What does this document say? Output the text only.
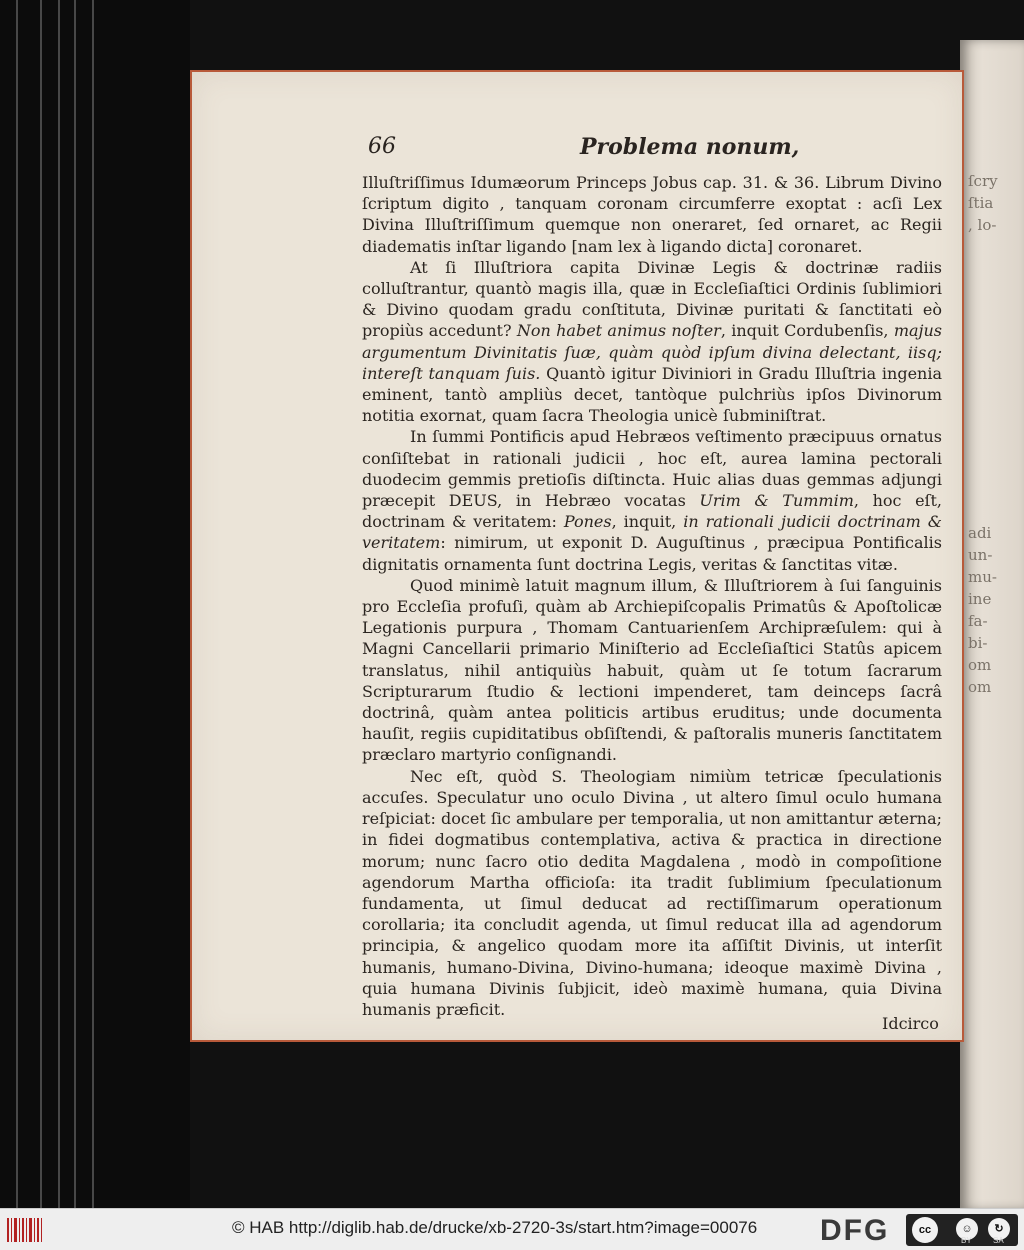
ſcry
ſtia
, lo-

adi
un-
mu-
ine
fa-
bi-
om
om

66	Problema nonum,

Illuſtriſſimus Idumæorum Princeps Jobus cap. 31. & 36. Librum Divino ſcriptum digito , tanquam coronam circumferre exoptat : acſi Lex Divina Illuſtriſſimum quemque non oneraret, ſed ornaret, ac Regii diadematis inſtar ligando [nam lex à ligando dicta] coronaret.

At ſi Illuſtriora capita Divinæ Legis & doctrinæ radiis colluſtrantur, quantò magis illa, quæ in Eccleſiaſtici Ordinis ſublimiori & Divino quodam gradu conſtituta, Divinæ puritati & ſanctitati eò propiùs accedunt? Non habet animus noſter, inquit Cordubenſis, majus argumentum Divinitatis ſuæ, quàm quòd ipſum divina delectant, iisq; intereſt tanquam ſuis. Quantò igitur Diviniori in Gradu Illuſtria ingenia eminent, tantò ampliùs decet, tantòque pulchriùs ipſos Divinorum notitia exornat, quam ſacra Theologia unicè ſubminiſtrat.

In ſummi Pontificis apud Hebræos veſtimento præcipuus ornatus conſiſtebat in rationali judicii , hoc eſt, aurea lamina pectorali duodecim gemmis pretioſis diſtincta. Huic alias duas gemmas adjungi præcepit DEUS, in Hebræo vocatas Urim & Tummim, hoc eſt, doctrinam & veritatem: Pones, inquit, in rationali judicii doctrinam & veritatem: nimirum, ut exponit D. Auguſtinus , præcipua Pontificalis dignitatis ornamenta ſunt doctrina Legis, veritas & ſanctitas vitæ.

Quod minimè latuit magnum illum, & Illuſtriorem à ſui ſanguinis pro Eccleſia profuſi, quàm ab Archiepiſcopalis Primatûs & Apoſtolicæ Legationis purpura , Thomam Cantuarienſem Archipræſulem: qui à Magni Cancellarii primario Miniſterio ad Eccleſiaſtici Statûs apicem translatus, nihil antiquiùs habuit, quàm ut ſe totum ſacrarum Scripturarum ſtudio & lectioni impenderet, tam deinceps ſacrâ doctrinâ, quàm antea politicis artibus eruditus; unde documenta hauſit, regiis cupiditatibus obſiſtendi, & paſtoralis muneris ſanctitatem præclaro martyrio conſignandi.

Nec eſt, quòd S. Theologiam nimiùm tetricæ ſpeculationis accuſes. Speculatur uno oculo Divina , ut altero ſimul oculo humana reſpiciat: docet ſic ambulare per temporalia, ut non amittantur æterna; in fidei dogmatibus contemplativa, activa & practica in directione morum; nunc ſacro otio dedita Magdalena , modò in compoſitione agendorum Martha officioſa: ita tradit ſublimium ſpeculationum fundamenta, ut ſimul deducat ad rectiſſimarum operationum corollaria; ita concludit agenda, ut ſimul reducat illa ad agendorum principia, & angelico quodam more ita aſſiſtit Divinis, ut interſit humanis, humano-Divina, Divino-humana; ideoque maximè Divina , quia humana Divinis ſubjicit, ideò maximè humana, quia Divina humanis præficit.

Idcirco
© HAB http://diglib.hab.de/drucke/xb-2720-3s/start.htm?image=00076 DFG	cc	☺
BY
↻
SA
